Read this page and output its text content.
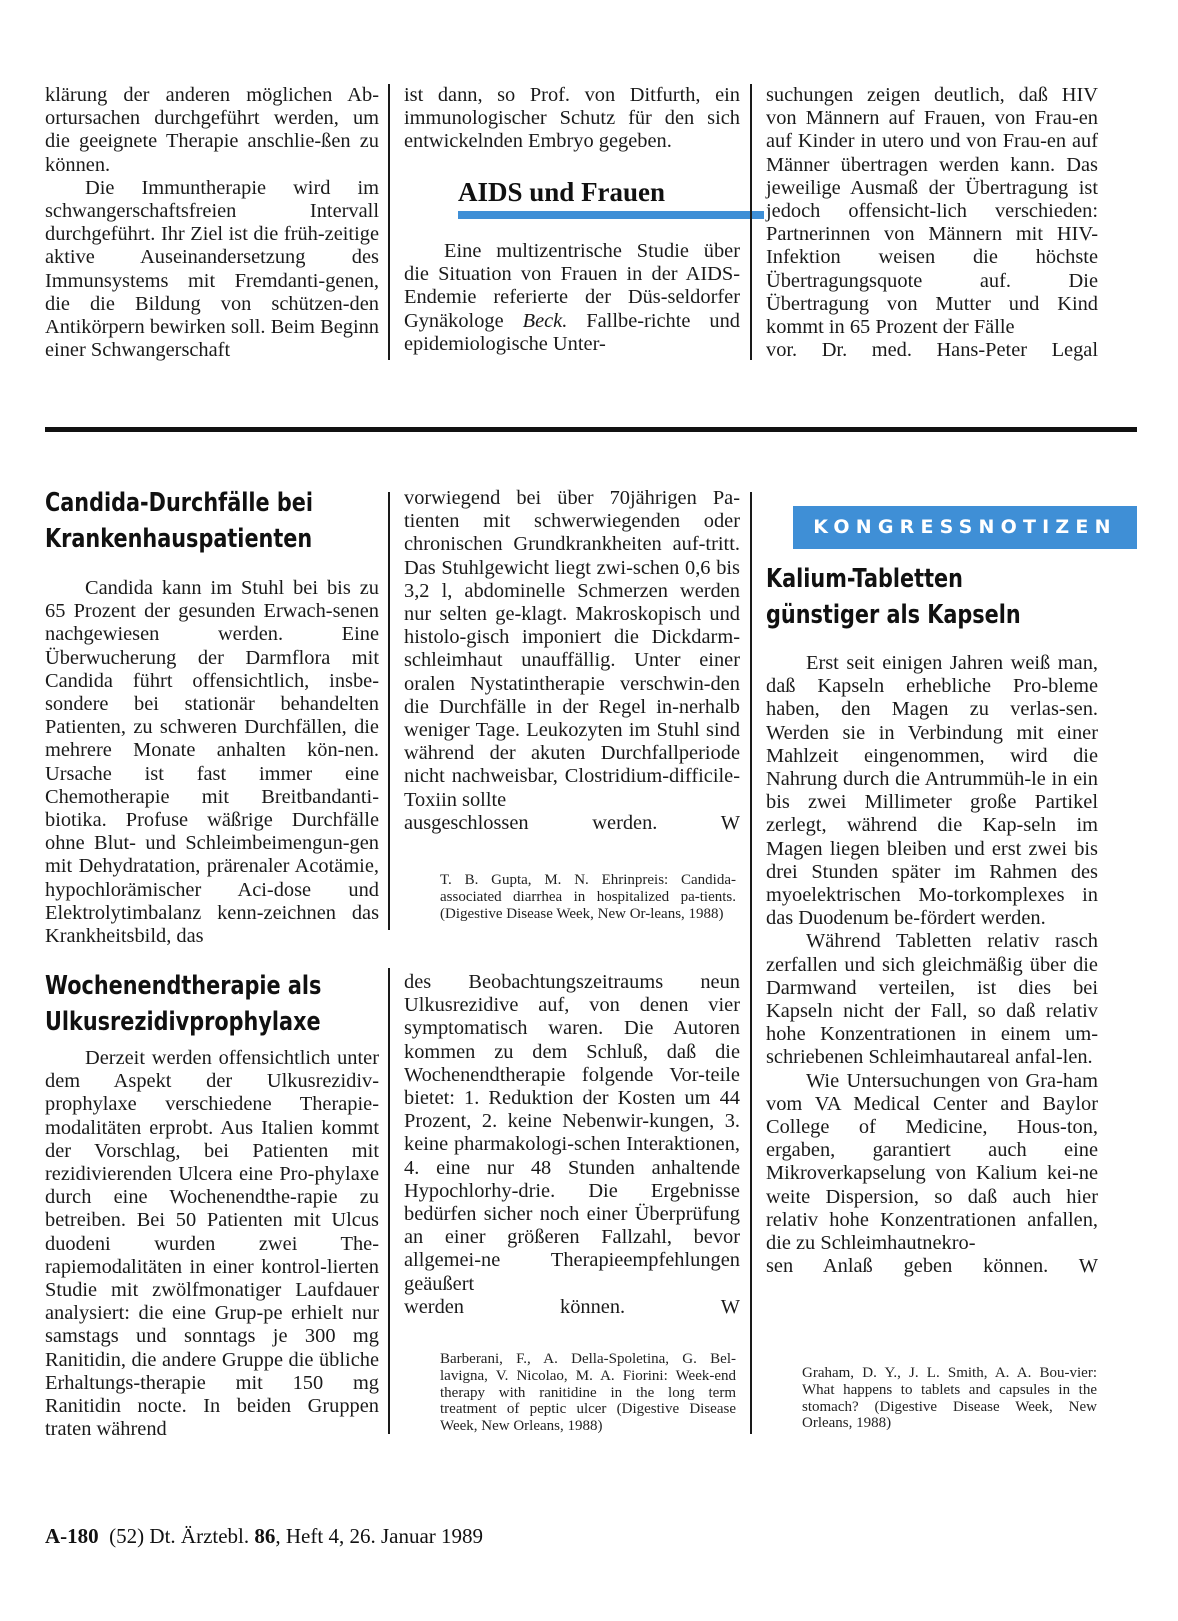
klärung der anderen möglichen Ab-ortursachen durchgeführt werden, um die geeignete Therapie anschlie-ßen zu können.

Die Immuntherapie wird im schwangerschaftsfreien Intervall durchgeführt. Ihr Ziel ist die früh-zeitige aktive Auseinandersetzung des Immunsystems mit Fremdanti-genen, die die Bildung von schützen-den Antikörpern bewirken soll. Beim Beginn einer Schwangerschaft

ist dann, so Prof. von Ditfurth, ein immunologischer Schutz für den sich entwickelnden Embryo gegeben.

AIDS und Frauen

Eine multizentrische Studie über die Situation von Frauen in der AIDS-Endemie referierte der Düs-seldorfer Gynäkologe Beck. Fallbe-richte und epidemiologische Unter-

suchungen zeigen deutlich, daß HIV von Männern auf Frauen, von Frau-en auf Kinder in utero und von Frau-en auf Männer übertragen werden kann. Das jeweilige Ausmaß der Übertragung ist jedoch offensicht-lich verschieden: Partnerinnen von Männern mit HIV-Infektion weisen die höchste Übertragungsquote auf. Die Übertragung von Mutter und Kind kommt in 65 Prozent der Fälle

vor. Dr. med. Hans-Peter Legal

Candida-Durchfälle bei
Krankenhauspatienten

Candida kann im Stuhl bei bis zu 65 Prozent der gesunden Erwach-senen nachgewiesen werden. Eine Überwucherung der Darmflora mit Candida führt offensichtlich, insbe-sondere bei stationär behandelten Patienten, zu schweren Durchfällen, die mehrere Monate anhalten kön-nen. Ursache ist fast immer eine Chemotherapie mit Breitbandanti-biotika. Profuse wäßrige Durchfälle ohne Blut- und Schleimbeimengun-gen mit Dehydratation, prärenaler Acotämie, hypochlorämischer Aci-dose und Elektrolytimbalanz kenn-zeichnen das Krankheitsbild, das

vorwiegend bei über 70jährigen Pa-tienten mit schwerwiegenden oder chronischen Grundkrankheiten auf-tritt. Das Stuhlgewicht liegt zwi-schen 0,6 bis 3,2 l, abdominelle Schmerzen werden nur selten ge-klagt. Makroskopisch und histolo-gisch imponiert die Dickdarm-schleimhaut unauffällig. Unter einer oralen Nystatintherapie verschwin-den die Durchfälle in der Regel in-nerhalb weniger Tage. Leukozyten im Stuhl sind während der akuten Durchfallperiode nicht nachweisbar, Clostridium-difficile-Toxiin sollte

ausgeschlossen werden.	W

T. B. Gupta, M. N. Ehrinpreis: Candida-associated diarrhea in hospitalized pa-tients. (Digestive Disease Week, New Or-leans, 1988)

Wochenendtherapie als
Ulkusrezidivprophylaxe

Derzeit werden offensichtlich unter dem Aspekt der Ulkusrezidiv-prophylaxe verschiedene Therapie-modalitäten erprobt. Aus Italien kommt der Vorschlag, bei Patienten mit rezidivierenden Ulcera eine Pro-phylaxe durch eine Wochenendthe-rapie zu betreiben. Bei 50 Patienten mit Ulcus duodeni wurden zwei The-rapiemodalitäten in einer kontrol-lierten Studie mit zwölfmonatiger Laufdauer analysiert: die eine Grup-pe erhielt nur samstags und sonntags je 300 mg Ranitidin, die andere Gruppe die übliche Erhaltungs-therapie mit 150 mg Ranitidin nocte. In beiden Gruppen traten während

des Beobachtungszeitraums neun Ulkusrezidive auf, von denen vier symptomatisch waren. Die Autoren kommen zu dem Schluß, daß die Wochenendtherapie folgende Vor-teile bietet: 1. Reduktion der Kosten um 44 Prozent, 2. keine Nebenwir-kungen, 3. keine pharmakologi-schen Interaktionen, 4. eine nur 48 Stunden anhaltende Hypochlorhy-drie. Die Ergebnisse bedürfen sicher noch einer Überprüfung an einer größeren Fallzahl, bevor allgemei-ne Therapieempfehlungen geäußert

werden können.	W

Barberani, F., A. Della-Spoletina, G. Bel-lavigna, V. Nicolao, M. A. Fiorini: Week-end therapy with ranitidine in the long term treatment of peptic ulcer (Digestive Disease Week, New Orleans, 1988)

KONGRESSNOTIZEN
Kalium-Tabletten
günstiger als Kapseln

Erst seit einigen Jahren weiß man, daß Kapseln erhebliche Pro-bleme haben, den Magen zu verlas-sen. Werden sie in Verbindung mit einer Mahlzeit eingenommen, wird die Nahrung durch die Antrummüh-le in ein bis zwei Millimeter große Partikel zerlegt, während die Kap-seln im Magen liegen bleiben und erst zwei bis drei Stunden später im Rahmen des myoelektrischen Mo-torkomplexes in das Duodenum be-fördert werden.

Während Tabletten relativ rasch zerfallen und sich gleichmäßig über die Darmwand verteilen, ist dies bei Kapseln nicht der Fall, so daß relativ hohe Konzentrationen in einem um-schriebenen Schleimhautareal anfal-len.

Wie Untersuchungen von Gra-ham vom VA Medical Center and Baylor College of Medicine, Hous-ton, ergaben, garantiert auch eine Mikroverkapselung von Kalium kei-ne weite Dispersion, so daß auch hier relativ hohe Konzentrationen anfallen, die zu Schleimhautnekro-

sen Anlaß geben können. W

Graham, D. Y., J. L. Smith, A. A. Bou-vier: What happens to tablets and capsules in the stomach? (Digestive Disease Week, New Orleans, 1988)

A-180 (52) Dt. Ärztebl. 86, Heft 4, 26. Januar 1989
